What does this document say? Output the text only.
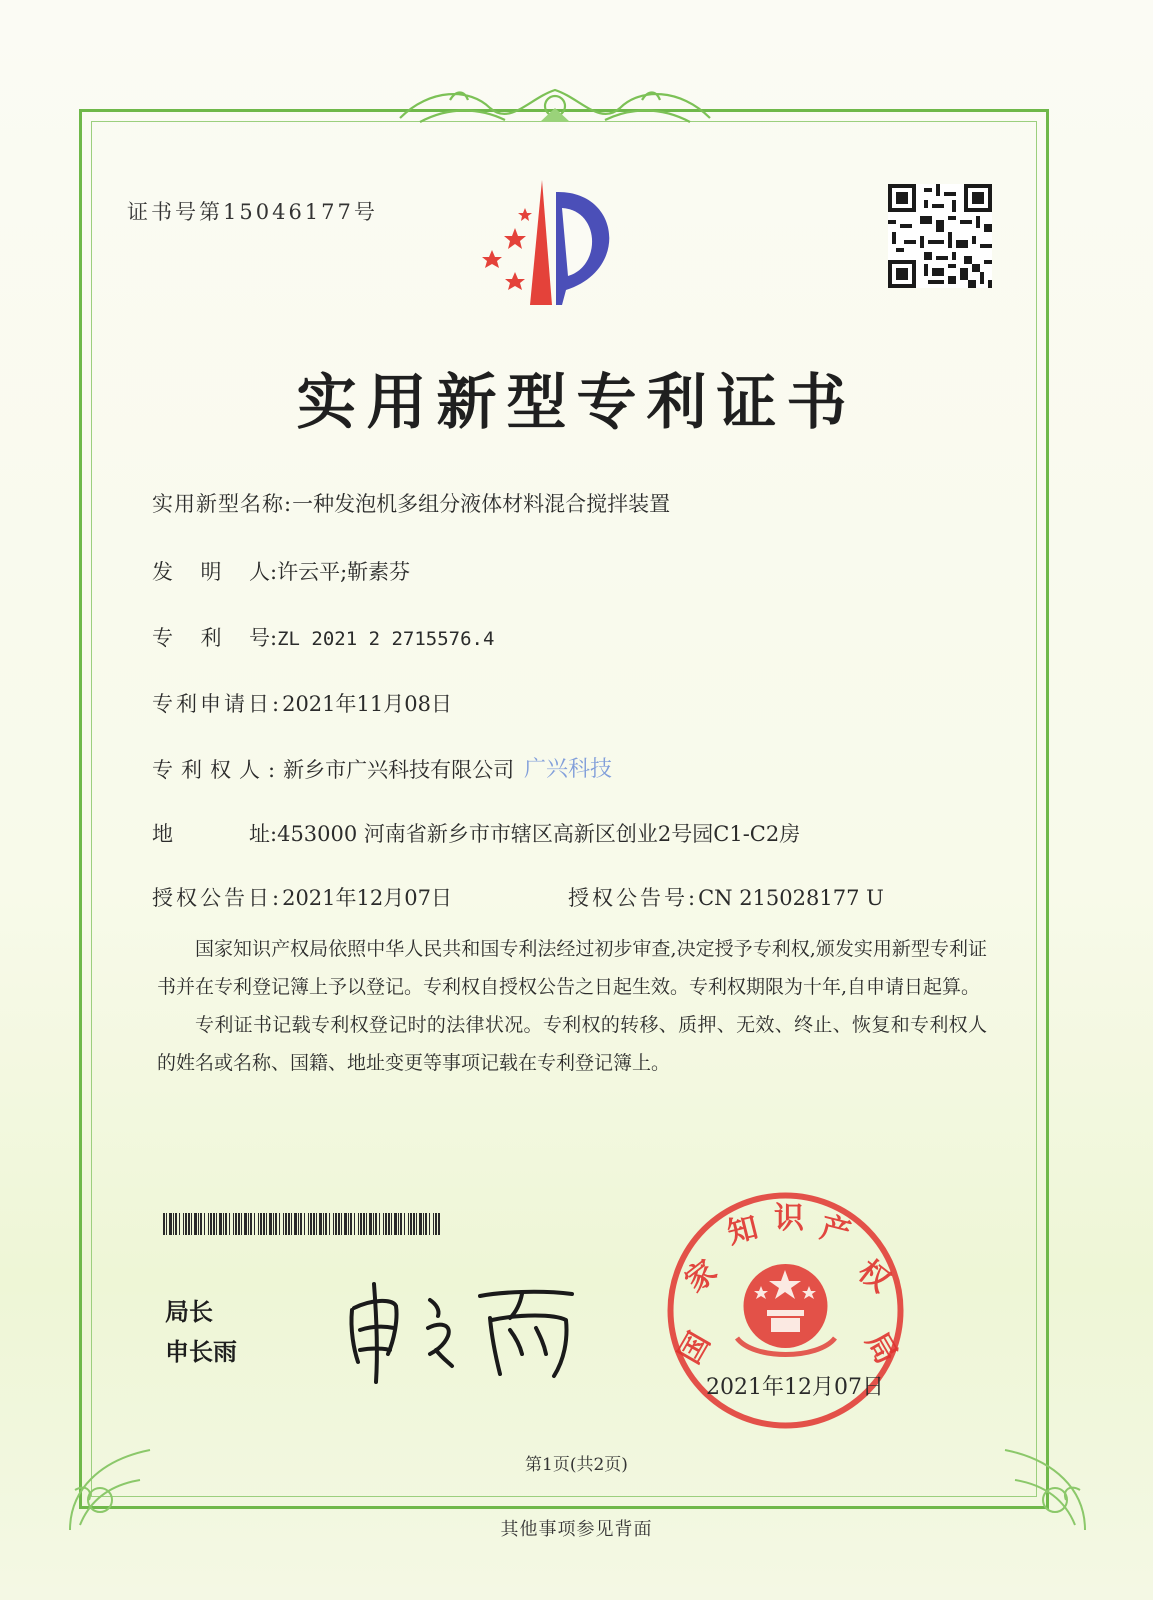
证书号第15046177号
实用新型专利证书
实用新型名称:一种发泡机多组分液体材料混合搅拌装置
发 明 人 :许云平;靳素芬
专 利 号 :ZL 2021 2 2715576.4
专利申请日:2021年11月08日
专利权人:新乡市广兴科技有限公司 广兴科技
地	址 :453000 河南省新乡市市辖区高新区创业2号园C1-C2房
授权公告日:2021年12月07日	授权公告号:CN 215028177 U

国家知识产权局依照中华人民共和国专利法经过初步审查,决定授予专利权,颁发实用新型专利证书并在专利登记簿上予以登记。专利权自授权公告之日起生效。专利权期限为十年,自申请日起算。

专利证书记载专利权登记时的法律状况。专利权的转移、质押、无效、终止、恢复和专利权人的姓名或名称、国籍、地址变更等事项记载在专利登记簿上。

局长
申长雨	国
家
知 识 产
权
局
2021年12月07日
第1页(共2页)
其他事项参见背面
